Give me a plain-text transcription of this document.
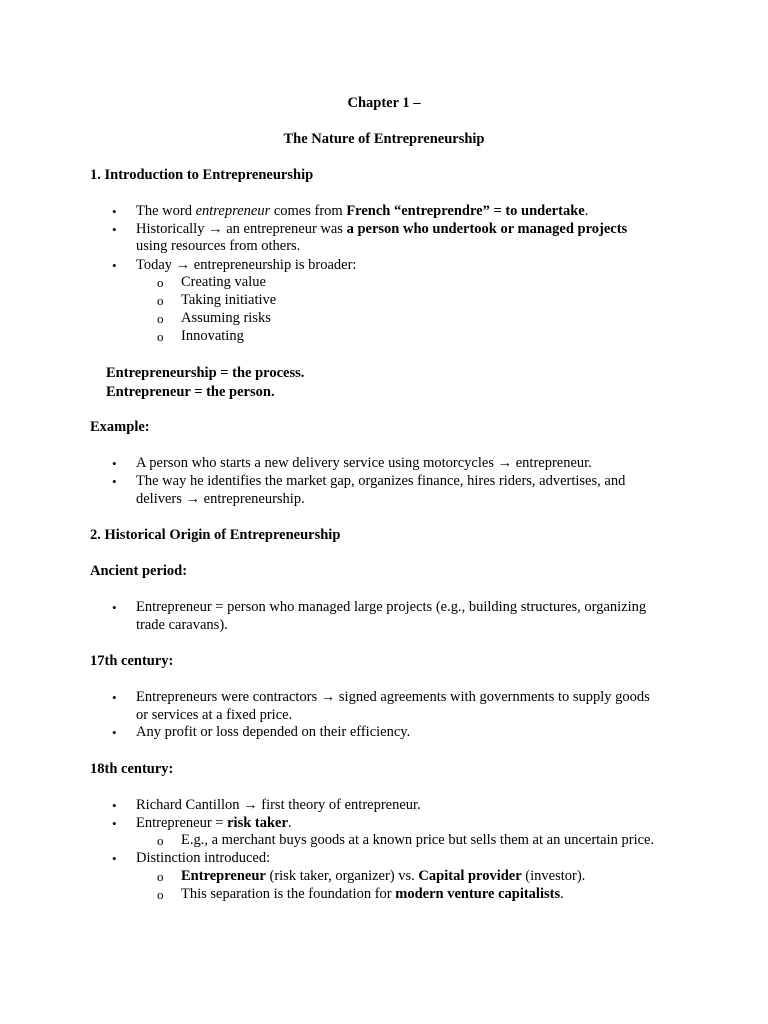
Chapter 1 –
The Nature of Entrepreneurship
1. Introduction to Entrepreneurship
• The word entrepreneur comes from French “entreprendre” = to undertake.
• Historically → an entrepreneur was a person who undertook or managed projects
using resources from others.
• Today → entrepreneurship is broader:
o Creating value
o Taking initiative
o Assuming risks
o Innovating
Entrepreneurship = the process.
Entrepreneur = the person.
Example:
• A person who starts a new delivery service using motorcycles → entrepreneur.
• The way he identifies the market gap, organizes finance, hires riders, advertises, and
delivers → entrepreneurship.
2. Historical Origin of Entrepreneurship
Ancient period:
• Entrepreneur = person who managed large projects (e.g., building structures, organizing
trade caravans).
17th century:
• Entrepreneurs were contractors → signed agreements with governments to supply goods
or services at a fixed price.
• Any profit or loss depended on their efficiency.
18th century:
• Richard Cantillon → first theory of entrepreneur.
• Entrepreneur = risk taker.
o E.g., a merchant buys goods at a known price but sells them at an uncertain price.
• Distinction introduced:
o Entrepreneur (risk taker, organizer) vs. Capital provider (investor).
o This separation is the foundation for modern venture capitalists.
